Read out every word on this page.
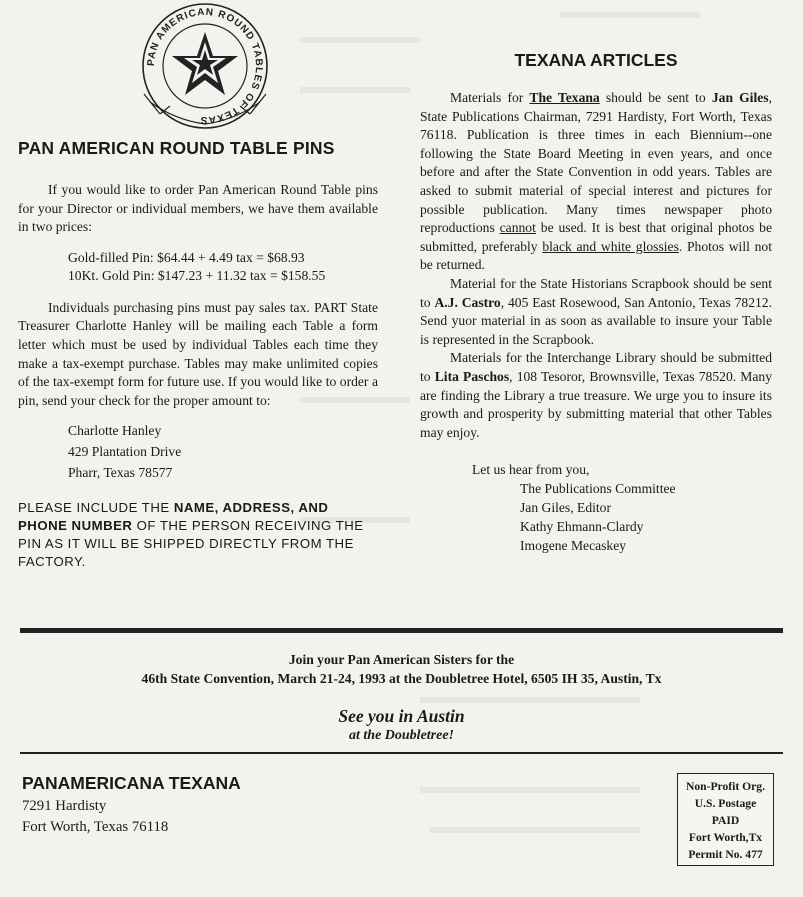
PAN AMERICAN ROUND TABLES OF TEXAS
PAN AMERICAN ROUND TABLE PINS

If you would like to order Pan American Round Table pins for your Director or individual members, we have them available in two prices:

Gold-filled Pin: $64.44 + 4.49 tax = $68.93
10Kt. Gold Pin: $147.23 + 11.32 tax = $158.55

Individuals purchasing pins must pay sales tax. PART State Treasurer Charlotte Hanley will be mailing each Table a form letter which must be used by individual Tables each time they make a tax-exempt purchase. Tables may make unlimited copies of the tax-exempt form for future use. If you would like to order a pin, send your check for the proper amount to:

Charlotte Hanley
429 Plantation Drive
Pharr, Texas 78577

PLEASE INCLUDE THE NAME, ADDRESS, AND PHONE NUMBER OF THE PERSON RECEIVING THE PIN AS IT WILL BE SHIPPED DIRECTLY FROM THE FACTORY.

TEXANA ARTICLES

Materials for The Texana should be sent to Jan Giles, State Publications Chairman, 7291 Hardisty, Fort Worth, Texas 76118. Publication is three times in each Biennium--one following the State Board Meeting in even years, and once before and after the State Convention in odd years. Tables are asked to submit material of special interest and pictures for possible publication. Many times newspaper photo reproductions cannot be used. It is best that original photos be submitted, preferably black and white glossies. Photos will not be returned.

Material for the State Historians Scrapbook should be sent to A.J. Castro, 405 East Rosewood, San Antonio, Texas 78212. Send yuor material in as soon as available to insure your Table is represented in the Scrapbook.

Materials for the Interchange Library should be submitted to Lita Paschos, 108 Tesoror, Brownsville, Texas 78520. Many are finding the Library a true treasure. We urge you to insure its growth and prosperity by submitting material that other Tables may enjoy.

Let us hear from you,
The Publications Committee
Jan Giles, Editor
Kathy Ehmann-Clardy
Imogene Mecaskey
Join your Pan American Sisters for the
46th State Convention, March 21-24, 1993 at the Doubletree Hotel, 6505 IH 35, Austin, Tx
See you in Austin
at the Doubletree!
PANAMERICANA TEXANA
7291 Hardisty
Fort Worth, Texas 76118
Non-Profit Org.
U.S. Postage
PAID
Fort Worth,Tx
Permit No. 477
